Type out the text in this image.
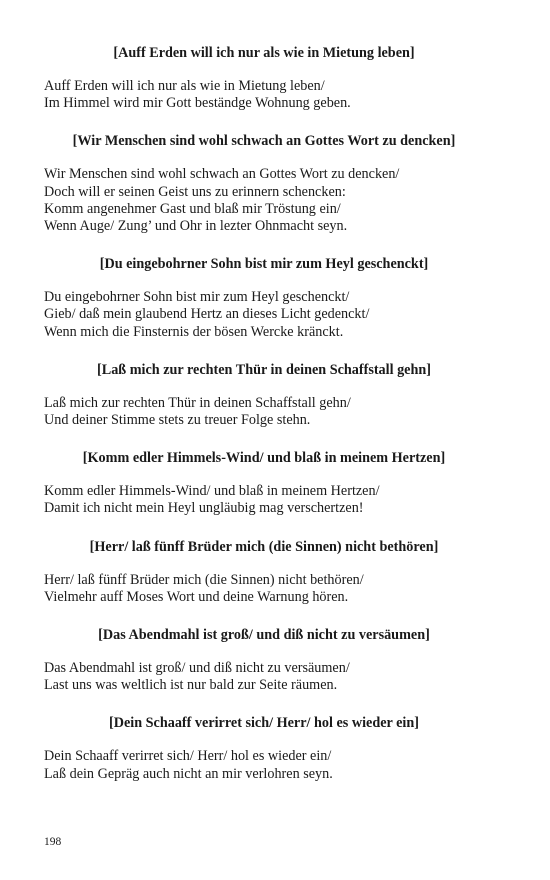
[Auff Erden will ich nur als wie in Mietung leben]
Auff Erden will ich nur als wie in Mietung leben/
Im Himmel wird mir Gott beständge Wohnung geben.
[Wir Menschen sind wohl schwach an Gottes Wort zu dencken]
Wir Menschen sind wohl schwach an Gottes Wort zu dencken/
Doch will er seinen Geist uns zu erinnern schencken:
Komm angenehmer Gast und blaß mir Tröstung ein/
Wenn Auge/ Zung’ und Ohr in lezter Ohnmacht seyn.
[Du eingebohrner Sohn bist mir zum Heyl geschenckt]
Du eingebohrner Sohn bist mir zum Heyl geschenckt/
Gieb/ daß mein glaubend Hertz an dieses Licht gedenckt/
Wenn mich die Finsternis der bösen Wercke kränckt.
[Laß mich zur rechten Thür in deinen Schaffstall gehn]
Laß mich zur rechten Thür in deinen Schaffstall gehn/
Und deiner Stimme stets zu treuer Folge stehn.
[Komm edler Himmels-Wind/ und blaß in meinem Hertzen]
Komm edler Himmels-Wind/ und blaß in meinem Hertzen/
Damit ich nicht mein Heyl ungläubig mag verschertzen!
[Herr/ laß fünff Brüder mich (die Sinnen) nicht bethören]
Herr/ laß fünff Brüder mich (die Sinnen) nicht bethören/
Vielmehr auff Moses Wort und deine Warnung hören.
[Das Abendmahl ist groß/ und diß nicht zu versäumen]
Das Abendmahl ist groß/ und diß nicht zu versäumen/
Last uns was weltlich ist nur bald zur Seite räumen.
[Dein Schaaff verirret sich/ Herr/ hol es wieder ein]
Dein Schaaff verirret sich/ Herr/ hol es wieder ein/
Laß dein Gepräg auch nicht an mir verlohren seyn.
198
